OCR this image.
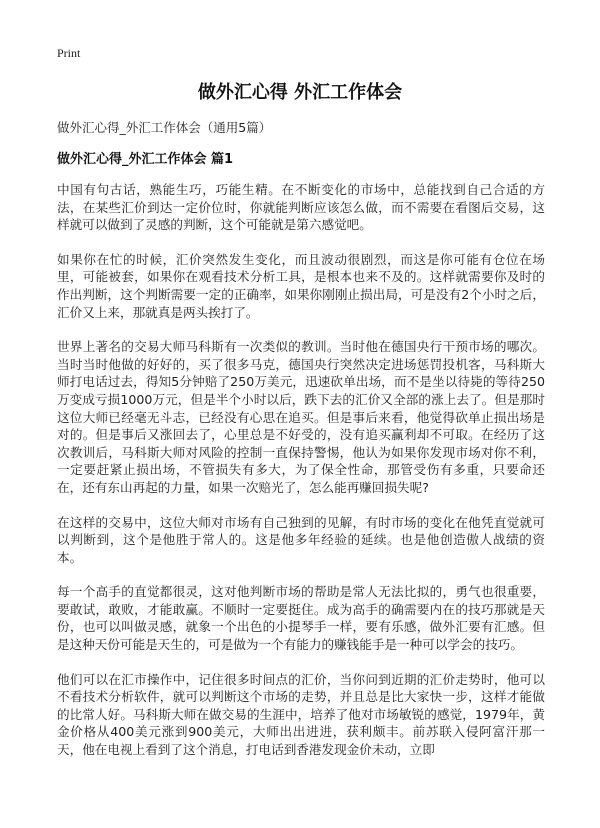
Print
做外汇心得 外汇工作体会
做外汇心得_外汇工作体会（通用5篇）
做外汇心得_外汇工作体会 篇1

中国有句古话，熟能生巧，巧能生精。在不断变化的市场中，总能找到自己合适的方法，在某些汇价到达一定价位时，你就能判断应该怎么做，而不需要在看图后交易，这样就可以做到了灵感的判断，这个可能就是第六感觉吧。

如果你在忙的时候，汇价突然发生变化，而且波动很剧烈，而这是你可能有仓位在场里，可能被套，如果你在观看技术分析工具，是根本也来不及的。这样就需要你及时的作出判断，这个判断需要一定的正确率，如果你刚刚止损出局，可是没有2个小时之后，汇价又上来，那就真是两头挨打了。

世界上著名的交易大师马科斯有一次类似的教训。当时他在德国央行干预市场的哪次。当时当时他做的好好的，买了很多马克，德国央行突然决定进场惩罚投机客，马科斯大师打电话过去，得知5分钟赔了250万美元，迅速砍单出场，而不是坐以待毙的等待250万变成亏损1000万元，但是半个小时以后，跌下去的汇价又全部的涨上去了。但是那时这位大师已经毫无斗志，已经没有心思在追买。但是事后来看，他觉得砍单止损出场是对的。但是事后又涨回去了，心里总是不好受的，没有追买赢利却不可取。在经历了这次教训后，马科斯大师对风险的控制一直保持警惕，他认为如果你发现市场对你不利，一定要赶紧止损出场，不管损失有多大，为了保全性命，那管受伤有多重，只要命还在，还有东山再起的力量，如果一次赔光了，怎么能再赚回损失呢?

在这样的交易中，这位大师对市场有自己独到的见解，有时市场的变化在他凭直觉就可以判断到，这个是他胜于常人的。这是他多年经验的延续。也是他创造傲人战绩的资本。

每一个高手的直觉都很灵，这对他判断市场的帮助是常人无法比拟的，勇气也很重要，要敢试，敢败，才能敢赢。不顺时一定要挺住。成为高手的确需要内在的技巧那就是天份，也可以叫做灵感，就象一个出色的小提琴手一样，要有乐感，做外汇要有汇感。但是这种天份可能是天生的，可是做为一个有能力的赚钱能手是一种可以学会的技巧。

他们可以在汇市操作中，记住很多时间点的汇价，当你问到近期的汇价走势时，他可以不看技术分析软件，就可以判断这个市场的走势，并且总是比大家快一步，这样才能做的比常人好。马科斯大师在做交易的生涯中，培养了他对市场敏锐的感觉，1979年，黄金价格从400美元涨到900美元，大师出出进进，获利颇丰。前苏联入侵阿富汗那一天，他在电视上看到了这个消息，打电话到香港发现金价未动，立即
